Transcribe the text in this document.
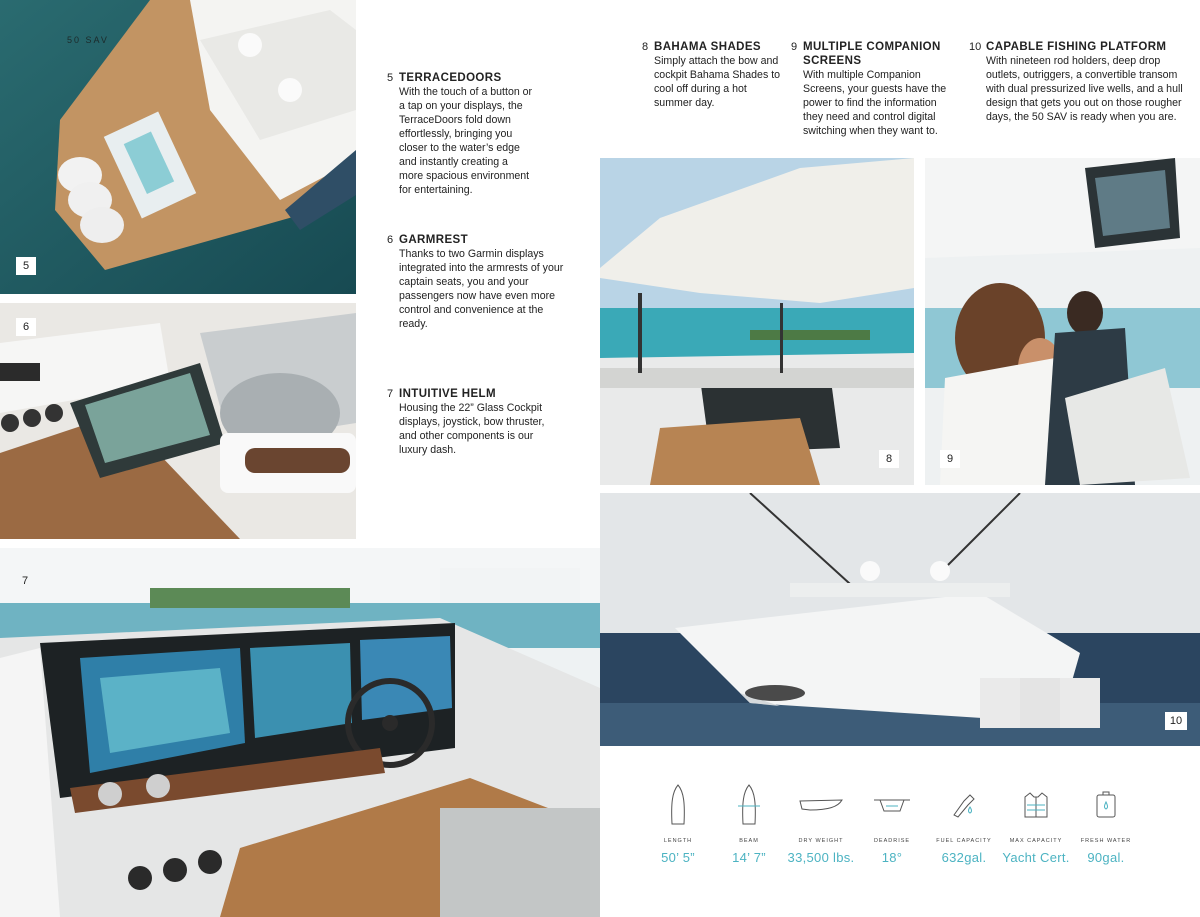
50 SAV
5
6
7
8	9
10
5 TERRACEDOORS
With the touch of a button or a tap on your displays, the TerraceDoors fold down effortlessly, bringing you closer to the water’s edge and instantly creating a more spacious environment for entertaining.
6 GARMREST
Thanks to two Garmin displays integrated into the armrests of your captain seats, you and your passengers now have even more control and convenience at the ready.
7 INTUITIVE HELM
Housing the 22” Glass Cockpit displays, joystick, bow thruster, and other components is our luxury dash.
8 BAHAMA SHADES
Simply attach the bow and cockpit Bahama Shades to cool off during a hot summer day.
9 MULTIPLE COMPANION SCREENS
With multiple Companion Screens, your guests have the power to find the information they need and control digital switching when they want to.
10 CAPABLE FISHING PLATFORM
With nineteen rod holders, deep drop outlets, outriggers, a convertible transom with dual pressurized live wells, and a hull design that gets you out on those rougher days, the 50 SAV is ready when you are.
LENGTH
50’ 5”
BEAM
14’ 7”
DRY WEIGHT
33,500 lbs.
DEADRISE
18°
FUEL CAPACITY
632gal.
MAX CAPACITY
Yacht Cert.
FRESH WATER
90gal.
